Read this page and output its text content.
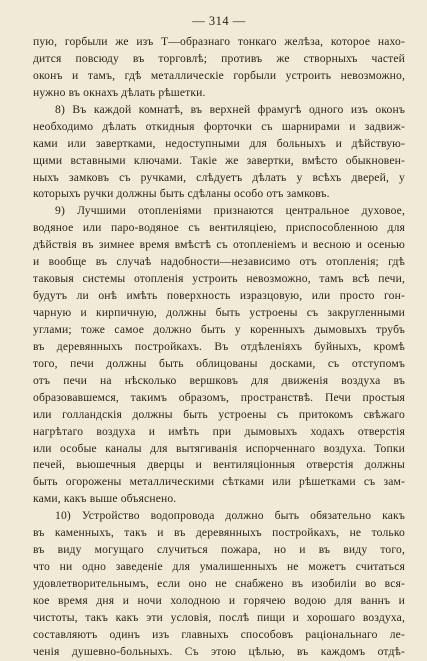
— 314 —
пую, горбыли же изъ Т—образнаго тонкаго желѣза, которое нахо-
дится повсюду въ торговлѣ; противъ же створныхъ частей
оконъ и тамъ, гдѣ металлическіе горбыли устроить невозможно,
нужно въ окнахъ дѣлать рѣшетки.
8) Въ каждой комнатѣ, въ верхней фрамугѣ одного изъ оконъ
необходимо дѣлать откидныя форточки съ шарнирами и задвиж-
ками или завертками, недоступными для больныхъ и дѣйствую-
щими вставными ключами. Такіе же завертки, вмѣсто обыкновен-
ныхъ замковъ съ ручками, слѣдуетъ дѣлать у всѣхъ дверей, у
которыхъ ручки должны быть сдѣланы особо отъ замковъ.
9) Лучшими отопленіями признаются центральное духовое,
водяное или паро-водяное съ вентиляціею, приспособленною для
дѣйствія въ зимнее время вмѣстѣ съ отопленіемъ и весною и осенью
и вообще въ случаѣ надобности—независимо отъ отопленія; гдѣ
таковыя системы отопленія устроить невозможно, тамъ всѣ печи,
будутъ ли онѣ имѣть поверхность изразцовую, или просто гон-
чарную и кирпичную, должны быть устроены съ закругленными
углами; тоже самое должно быть у коренныхъ дымовыхъ трубъ
въ деревянныхъ постройкахъ. Въ отдѣленіяхъ буйныхъ, кромѣ
того, печи должны быть облицованы досками, съ отступомъ
отъ печи на нѣсколько вершковъ для движенія воздуха въ
образовавшемся, такимъ образомъ, пространствѣ. Печи простыя
или голландскія должны быть устроены съ притокомъ свѣжаго
нагрѣтаго воздуха и имѣть при дымовыхъ ходахъ отверстія
или особые каналы для вытягиванія испорченнаго воздуха. Топки
печей, вьюшечныя дверцы и вентиляціонныя отверстія должны
быть огорожены металлическими сѣтками или рѣшетками съ зам-
ками, какъ выше объяснено.
10) Устройство водопровода должно быть обязательно какъ
въ каменныхъ, такъ и въ деревянныхъ постройкахъ, не только
въ виду могущаго случиться пожара, но и въ виду того,
что ни одно заведеніе для умалишенныхъ не можетъ считаться
удовлетворительнымъ, если оно не снабжено въ изобиліи во вся-
кое время дня и ночи холодною и горячею водою для ваннъ и
чистоты, такъ какъ эти условія, послѣ пищи и хорошаго воздуха,
составляютъ одинъ изъ главныхъ способовъ раціональнаго ле-
ченія душевно-больныхъ. Съ этою цѣлью, въ каждомъ отдѣ-
